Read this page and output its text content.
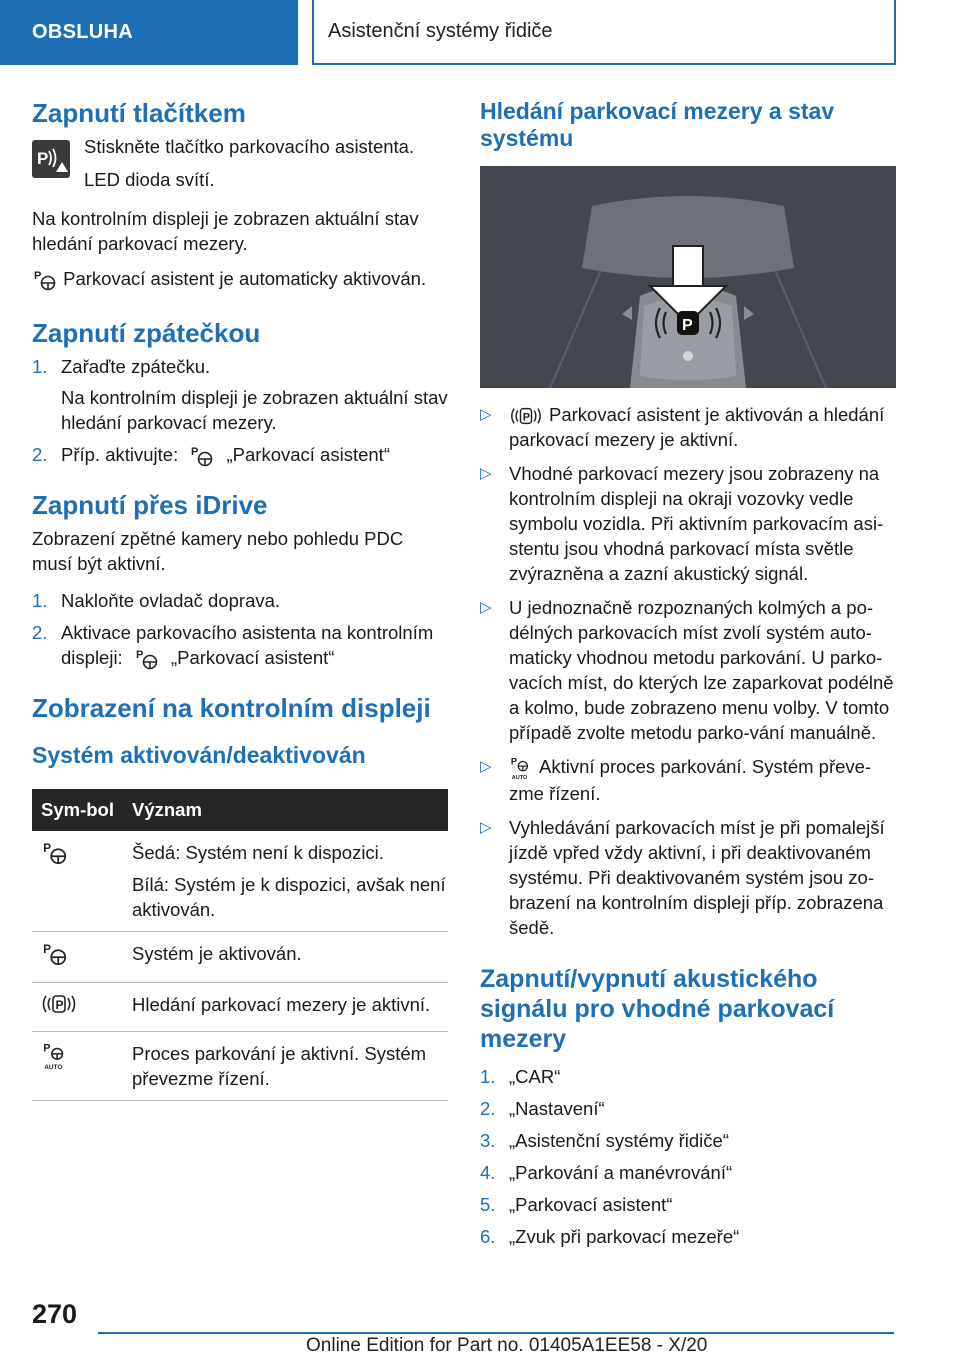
OBSLUHA	Asistenční systémy řidiče
Zapnutí tlačítkem
P

Stiskněte tlačítko parkovacího asistenta.

LED dioda svítí.

Na kontrolním displeji je zobrazen aktuální stav hledání parkovací mezery.

P Parkovací asistent je automaticky aktivován.

Zapnutí zpátečkou
1. Zařaďte zpátečku.

Na kontrolním displeji je zobrazen aktuální stav hledání parkovací mezery.

2. Příp. aktivujte: P „Parkovací asistent“
Zapnutí přes iDrive

Zobrazení zpětné kamery nebo pohledu PDC musí být aktivní.

1. Nakloňte ovladač doprava.
2. Aktivace parkovacího asistenta na kontrolním displeji: P „Parkovací asistent“
Zobrazení na kontrolním displeji
Systém aktivován/deaktivován
Sym-bol	Význam

P	Šedá: Systém není k dispozici.
Bílá: Systém je k dispozici, avšak není aktivován.

P	Systém je aktivován.

P	Hledání parkovací mezery je aktivní.

P
AUTO	Proces parkování je aktivní. Systém převezme řízení.
Hledání parkovací mezery a stav systému
P
▷	P Parkovací asistent je aktivován a hledání parkovací mezery je aktivní.
▷ Vhodné parkovací mezery jsou zobrazeny na kontrolním displeji na okraji vozovky vedle symbolu vozidla. Při aktivním parkovacím asi-stentu jsou vhodná parkovací místa světle zvýrazněna a zazní akustický signál.
▷ U jednoznačně rozpoznaných kolmých a po-délných parkovacích míst zvolí systém auto-maticky vhodnou metodu parkování. U parko-vacích míst, do kterých lze zaparkovat podélně a kolmo, bude zobrazeno menu volby. V tomto případě zvolte metodu parko-vání manuálně.
▷ P
AUTO
Aktivní proces parkování. Systém převe-zme řízení.
▷ Vyhledávání parkovacích míst je při pomalejší jízdě vpřed vždy aktivní, i při deaktivovaném systému. Při deaktivovaném systém jsou zo-brazení na kontrolním displeji příp. zobrazena šedě.
Zapnutí/vypnutí akustického signálu pro vhodné parkovací mezery
1. „CAR“
2. „Nastavení“
3. „Asistenční systémy řidiče“
4. „Parkování a manévrování“
5. „Parkovací asistent“
6. „Zvuk při parkovací mezeře“
270
Online Edition for Part no. 01405A1EE58 - X/20
